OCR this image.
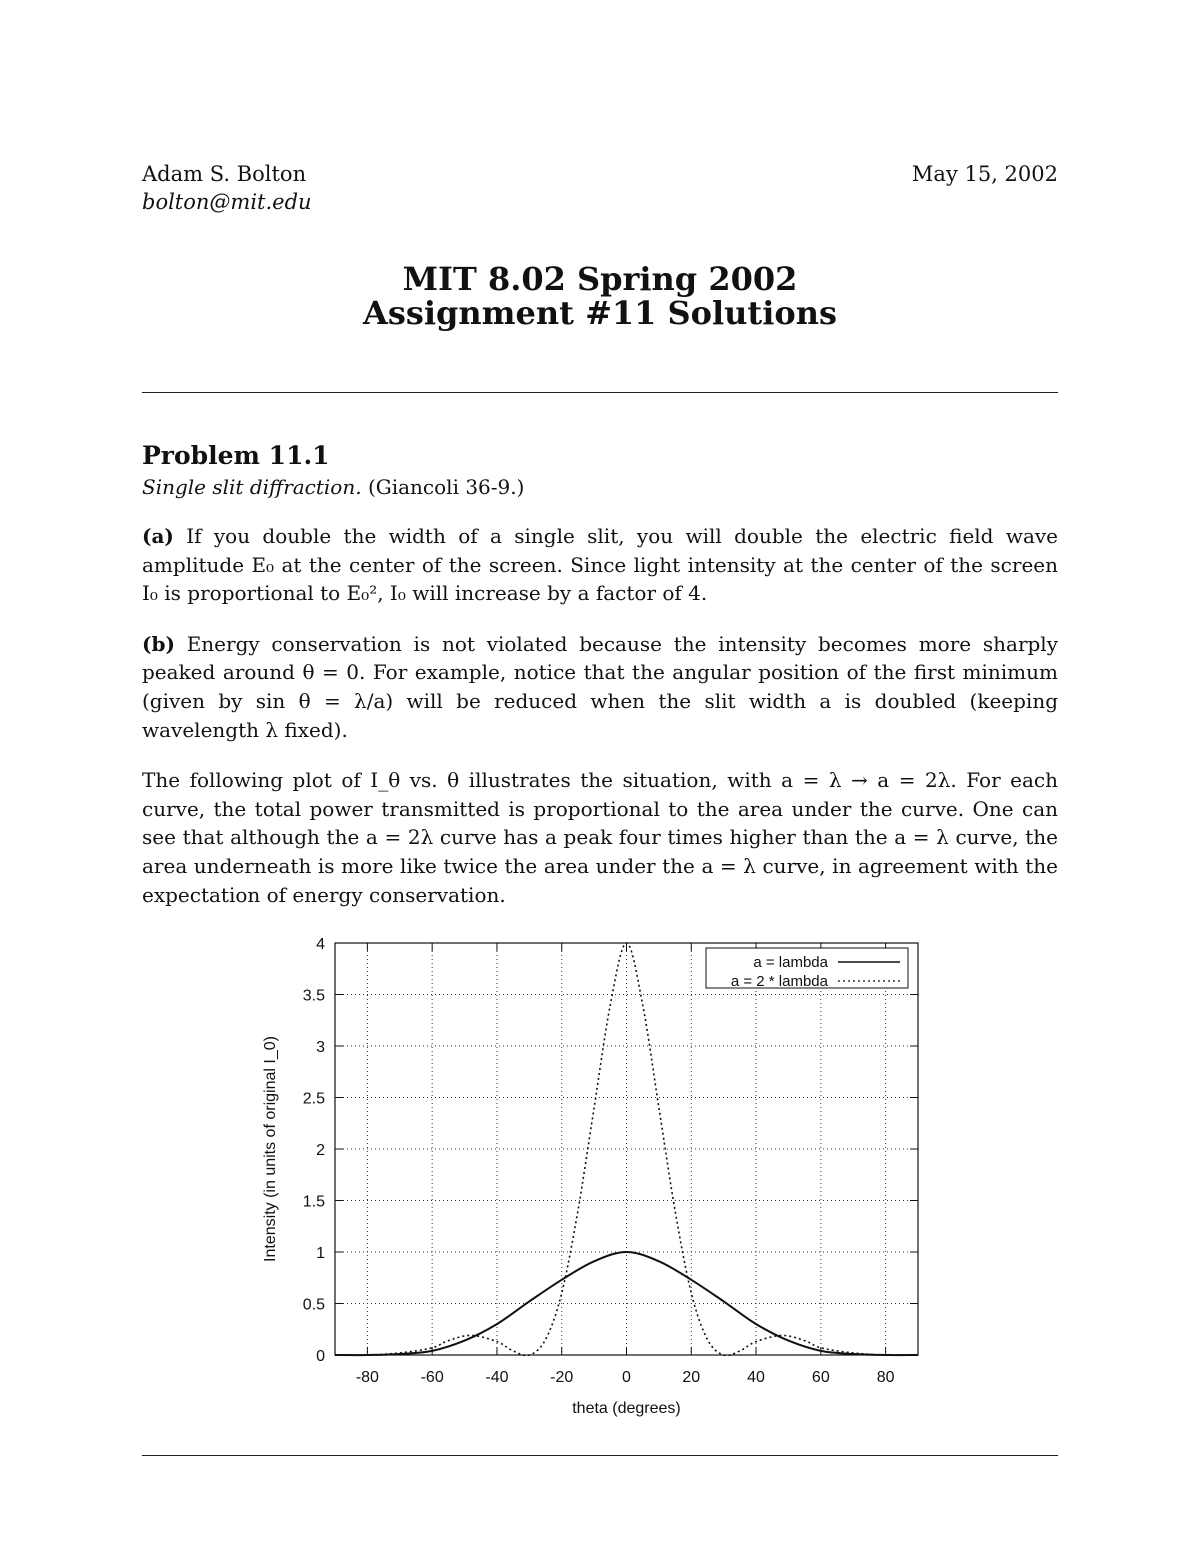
Adam S. Bolton
bolton@mit.edu
May 15, 2002
MIT 8.02 Spring 2002
Assignment #11 Solutions
Problem 11.1
Single slit diffraction. (Giancoli 36-9.)
(a) If you double the width of a single slit, you will double the electric field wave amplitude E₀ at the center of the screen. Since light intensity at the center of the screen I₀ is proportional to E₀², I₀ will increase by a factor of 4.
(b) Energy conservation is not violated because the intensity becomes more sharply peaked around θ = 0. For example, notice that the angular position of the first minimum (given by sin θ = λ/a) will be reduced when the slit width a is doubled (keeping wavelength λ fixed).
The following plot of I_θ vs. θ illustrates the situation, with a = λ → a = 2λ. For each curve, the total power transmitted is proportional to the area under the curve. One can see that although the a = 2λ curve has a peak four times higher than the a = λ curve, the area underneath is more like twice the area under the a = λ curve, in agreement with the expectation of energy conservation.
-80	-60	-40	-20	0	20	40	60	80
0
0.5
1
1.5
2
2.5
3
3.5
4
theta (degrees)
Intensity (in units of original I_0)
a = lambda
a = 2 * lambda
